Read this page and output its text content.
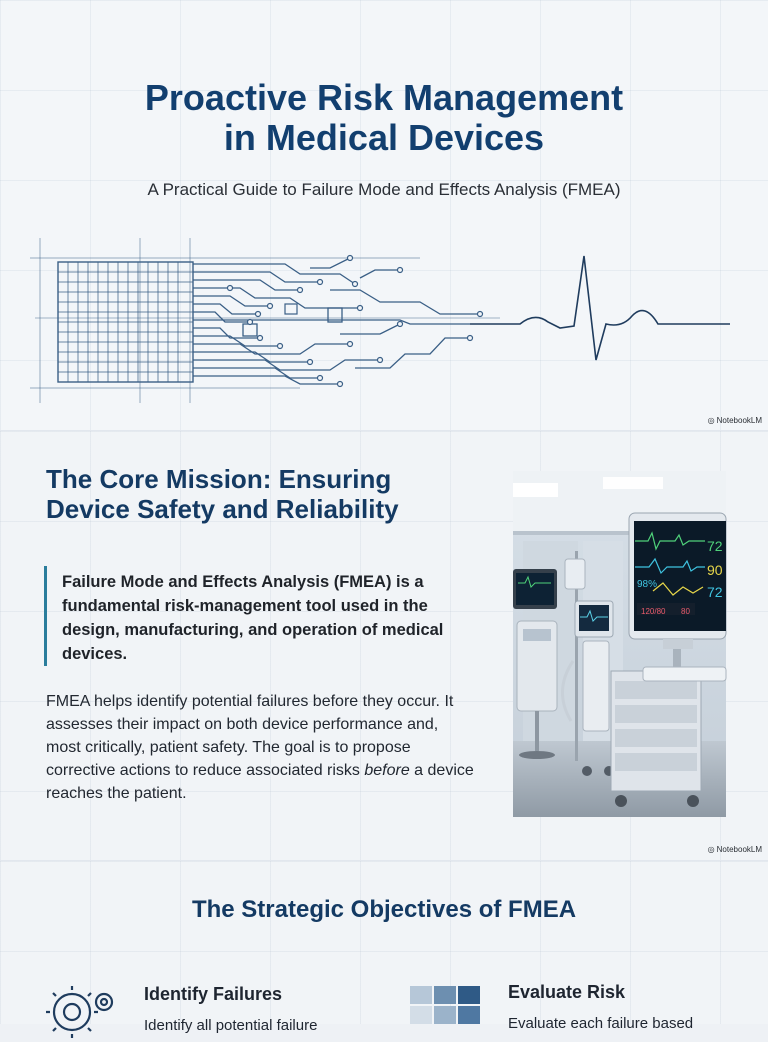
Proactive Risk Management
in Medical Devices
A Practical Guide to Failure Mode and Effects Analysis (FMEA)
◎ NotebookLM
The Core Mission: Ensuring
Device Safety and Reliability

Failure Mode and Effects Analysis (FMEA) is a fundamental risk-management tool used in the design, manufacturing, and operation of medical devices.

FMEA helps identify potential failures before they occur. It assesses their impact on both device performance and, most critically, patient safety. The goal is to propose corrective actions to reduce associated risks before a device reaches the patient.

98%
120/80 80
72
90
72
◎ NotebookLM
The Strategic Objectives of FMEA
Identify Failures
Identify all potential failure
Evaluate Risk
Evaluate each failure based
